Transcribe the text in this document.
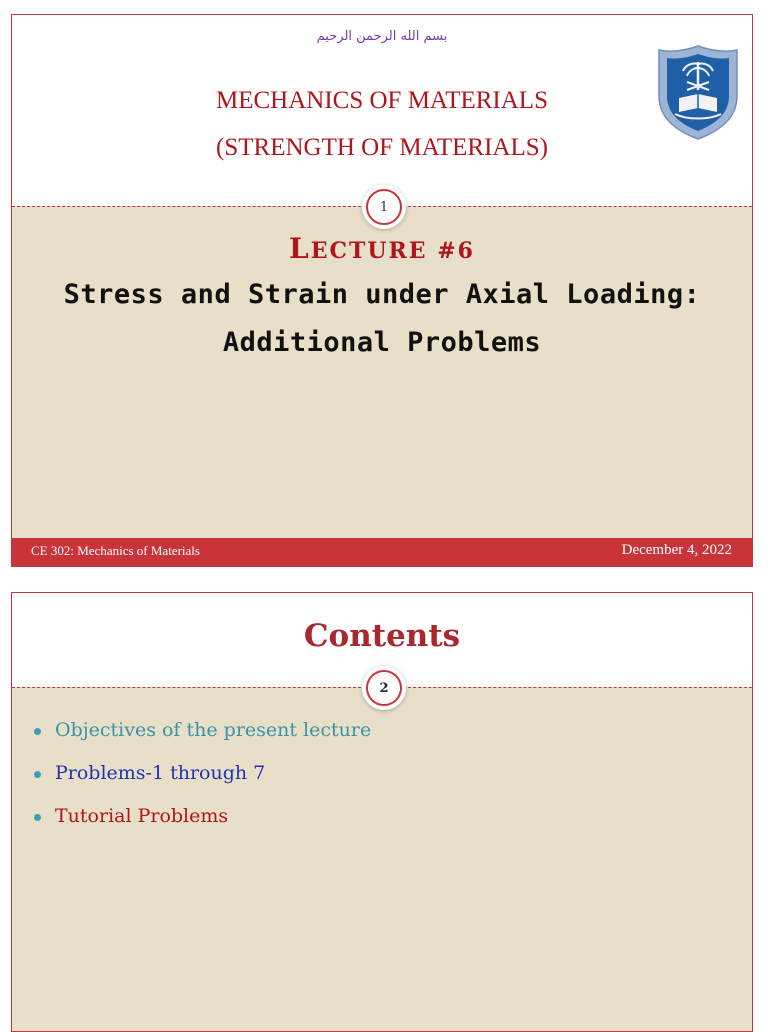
بسم الله الرحمن الرحيم
MECHANICS OF MATERIALS
(STRENGTH OF MATERIALS)
1
LECTURE #6
Stress and Strain under Axial Loading:
Additional Problems
CE 302: Mechanics of Materials	December 4, 2022
Contents
2
Objectives of the present lecture
Problems-1 through 7
Tutorial Problems
